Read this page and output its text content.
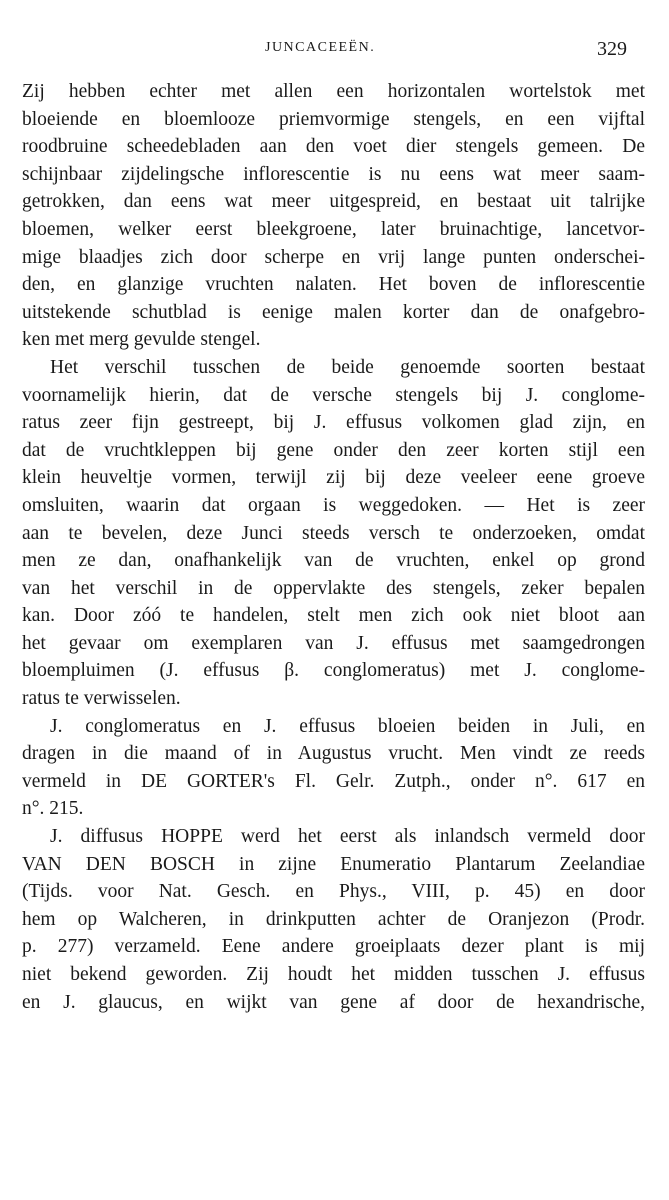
JUNCACEEËN.	329
Zij hebben echter met allen een horizontalen wortelstok met
bloeiende en bloemlooze priemvormige stengels, en een vijftal
roodbruine scheedebladen aan den voet dier stengels gemeen. De
schijnbaar zijdelingsche inflorescentie is nu eens wat meer saam-
getrokken, dan eens wat meer uitgespreid, en bestaat uit talrijke
bloemen, welker eerst bleekgroene, later bruinachtige, lancetvor-
mige blaadjes zich door scherpe en vrij lange punten onderschei-
den, en glanzige vruchten nalaten. Het boven de inflorescentie
uitstekende schutblad is eenige malen korter dan de onafgebro-
ken met merg gevulde stengel.
Het verschil tusschen de beide genoemde soorten bestaat
voornamelijk hierin, dat de versche stengels bij J. conglome-
ratus zeer fijn gestreept, bij J. effusus volkomen glad zijn, en
dat de vruchtkleppen bij gene onder den zeer korten stijl een
klein heuveltje vormen, terwijl zij bij deze veeleer eene groeve
omsluiten, waarin dat orgaan is weggedoken. — Het is zeer
aan te bevelen, deze Junci steeds versch te onderzoeken, omdat
men ze dan, onafhankelijk van de vruchten, enkel op grond
van het verschil in de oppervlakte des stengels, zeker bepalen
kan. Door zóó te handelen, stelt men zich ook niet bloot aan
het gevaar om exemplaren van J. effusus met saamgedrongen
bloempluimen (J. effusus β. conglomeratus) met J. conglome-
ratus te verwisselen.
J. conglomeratus en J. effusus bloeien beiden in Juli, en
dragen in die maand of in Augustus vrucht. Men vindt ze reeds
vermeld in DE GORTER's Fl. Gelr. Zutph., onder n°. 617 en
n°. 215.
J. diffusus HOPPE werd het eerst als inlandsch vermeld door
VAN DEN BOSCH in zijne Enumeratio Plantarum Zeelandiae
(Tijds. voor Nat. Gesch. en Phys., VIII, p. 45) en door
hem op Walcheren, in drinkputten achter de Oranjezon (Prodr.
p. 277) verzameld. Eene andere groeiplaats dezer plant is mij
niet bekend geworden. Zij houdt het midden tusschen J. effusus
en J. glaucus, en wijkt van gene af door de hexandrische,
